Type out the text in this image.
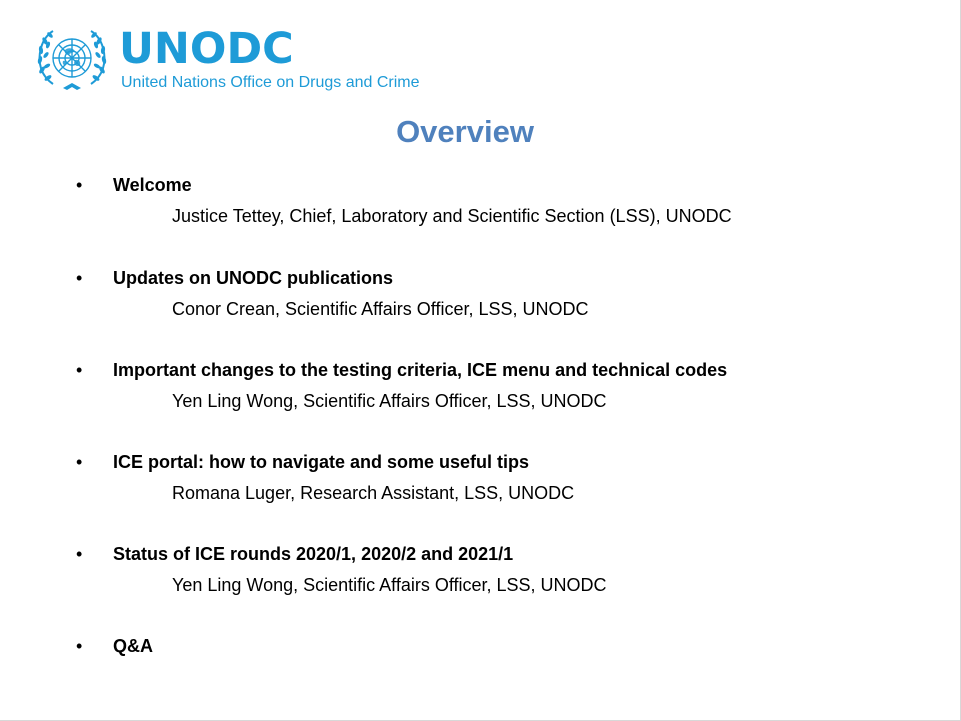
UNODC
United Nations Office on Drugs and Crime
Overview
• Welcome
Justice Tettey, Chief, Laboratory and Scientific Section (LSS), UNODC
• Updates on UNODC publications
Conor Crean, Scientific Affairs Officer, LSS, UNODC
• Important changes to the testing criteria, ICE menu and technical codes
Yen Ling Wong, Scientific Affairs Officer, LSS, UNODC
• ICE portal: how to navigate and some useful tips
Romana Luger, Research Assistant, LSS, UNODC
• Status of ICE rounds 2020/1, 2020/2 and 2021/1
Yen Ling Wong, Scientific Affairs Officer, LSS, UNODC
• Q&A
